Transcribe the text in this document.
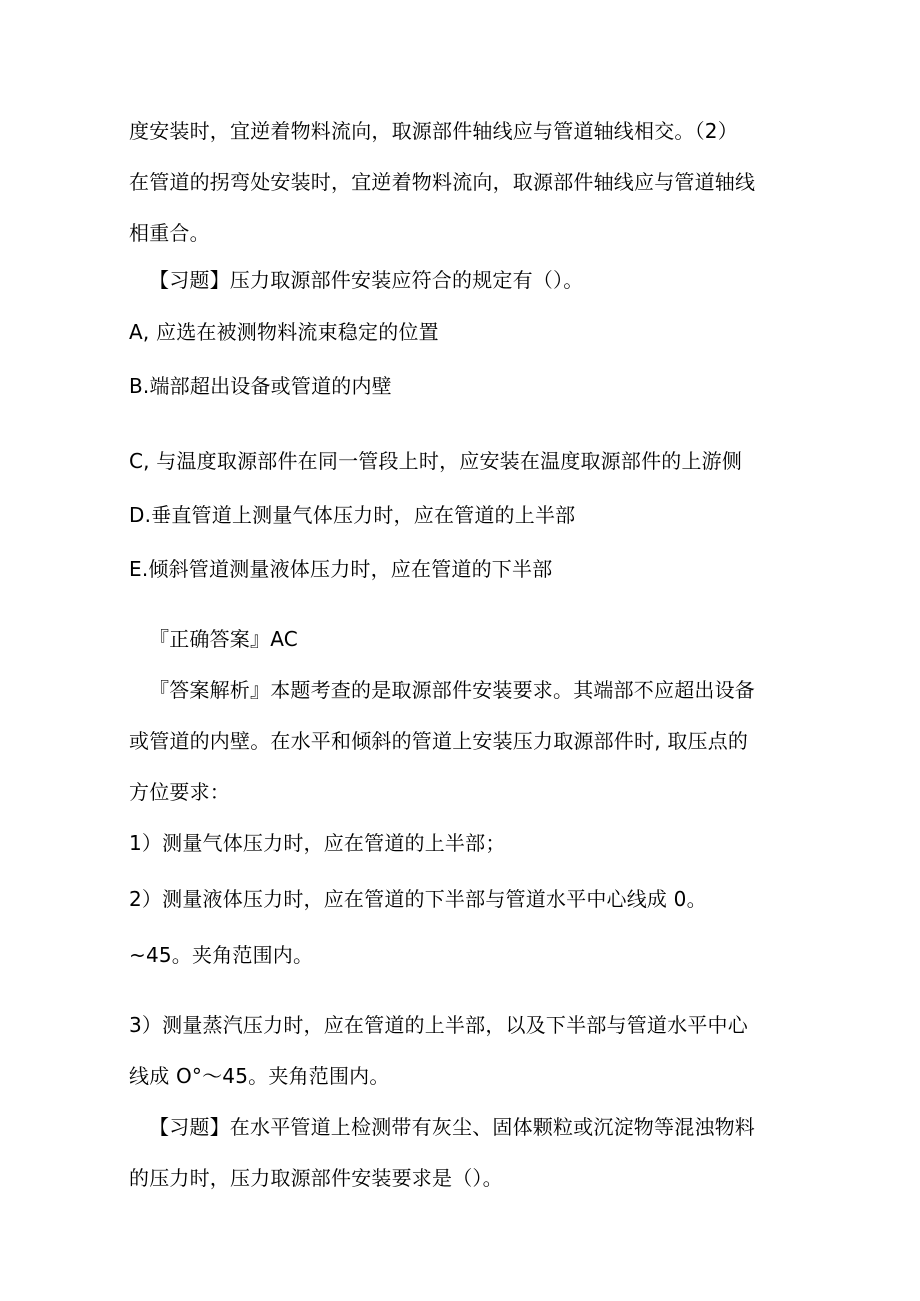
度安装时，宜逆着物料流向，取源部件轴线应与管道轴线相交。（2）
在管道的拐弯处安装时，宜逆着物料流向，取源部件轴线应与管道轴线
相重合。
【习题】压力取源部件安装应符合的规定有（）。
A, 应选在被测物料流束稳定的位置
B.端部超出设备或管道的内壁
C, 与温度取源部件在同一管段上时，应安装在温度取源部件的上游侧
D.垂直管道上测量气体压力时，应在管道的上半部
E.倾斜管道测量液体压力时，应在管道的下半部
『正确答案』AC
『答案解析』本题考查的是取源部件安装要求。其端部不应超出设备
或管道的内壁。在水平和倾斜的管道上安装压力取源部件时, 取压点的
方位要求：
1）测量气体压力时，应在管道的上半部；
2）测量液体压力时，应在管道的下半部与管道水平中心线成 0。
~45。夹角范围内。
3）测量蒸汽压力时，应在管道的上半部，以及下半部与管道水平中心
线成 O°～45。夹角范围内。
【习题】在水平管道上检测带有灰尘、固体颗粒或沉淀物等混浊物料
的压力时，压力取源部件安装要求是（）。
